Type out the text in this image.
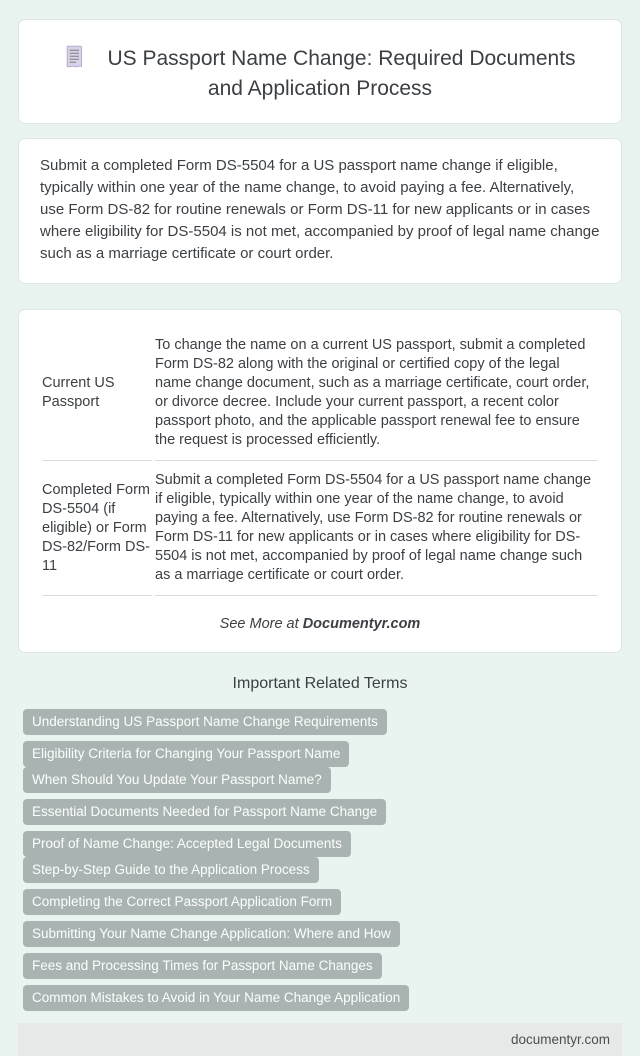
US Passport Name Change: Required Documents and Application Process

Submit a completed Form DS-5504 for a US passport name change if eligible, typically within one year of the name change, to avoid paying a fee. Alternatively, use Form DS-82 for routine renewals or Form DS-11 for new applicants or in cases where eligibility for DS-5504 is not met, accompanied by proof of legal name change such as a marriage certificate or court order.

Current US Passport	To change the name on a current US passport, submit a completed Form DS-82 along with the original or certified copy of the legal name change document, such as a marriage certificate, court order, or divorce decree. Include your current passport, a recent color passport photo, and the applicable passport renewal fee to ensure the request is processed efficiently.
Completed Form DS-5504 (if eligible) or Form DS-82/Form DS-11	Submit a completed Form DS-5504 for a US passport name change if eligible, typically within one year of the name change, to avoid paying a fee. Alternatively, use Form DS-82 for routine renewals or Form DS-11 for new applicants or in cases where eligibility for DS-5504 is not met, accompanied by proof of legal name change such as a marriage certificate or court order.

See More at Documentyr.com

Important Related Terms
Understanding US Passport Name Change Requirements
Eligibility Criteria for Changing Your Passport Name When Should You Update Your Passport Name?
Essential Documents Needed for Passport Name Change
Proof of Name Change: Accepted Legal Documents Step-by-Step Guide to the Application Process
Completing the Correct Passport Application Form
Submitting Your Name Change Application: Where and How
Fees and Processing Times for Passport Name Changes
Common Mistakes to Avoid in Your Name Change Application
documentyr.com
